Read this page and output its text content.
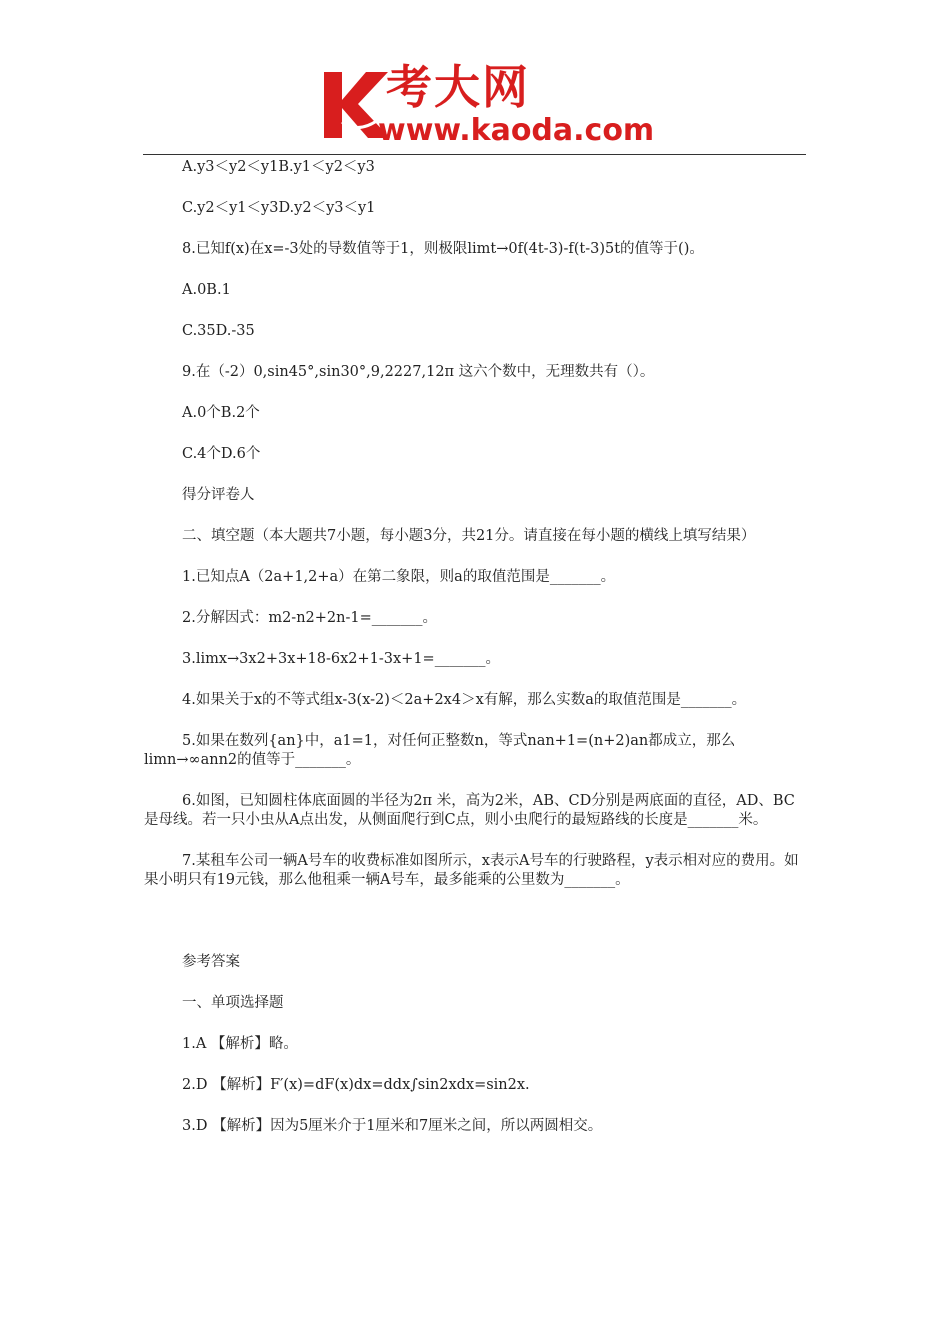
考大网
www.kaoda.com

A.y3＜y2＜y1B.y1＜y2＜y3

C.y2＜y1＜y3D.y2＜y3＜y1

8.已知f(x)在x=-3处的导数值等于1，则极限limt→0f(4t-3)-f(t-3)5t的值等于()。

A.0B.1

C.35D.-35

9.在（-2）0,sin45°,sin30°,9,2227,12π 这六个数中，无理数共有（）。

A.0个B.2个

C.4个D.6个

得分评卷人

二、填空题（本大题共7小题，每小题3分，共21分。请直接在每小题的横线上填写结果）

1.已知点A（2a+1,2+a）在第二象限，则a的取值范围是_______。

2.分解因式：m2-n2+2n-1=_______。

3.limx→3x2+3x+18-6x2+1-3x+1=_______。

4.如果关于x的不等式组x-3(x-2)＜2a+2x4＞x有解，那么实数a的取值范围是_______。

5.如果在数列{an}中，a1=1，对任何正整数n，等式nan+1=(n+2)an都成立，那么limn→∞ann2的值等于_______。

6.如图，已知圆柱体底面圆的半径为2π 米，高为2米，AB、CD分别是两底面的直径，AD、BC是母线。若一只小虫从A点出发，从侧面爬行到C点，则小虫爬行的最短路线的长度是_______米。

7.某租车公司一辆A号车的收费标准如图所示，x表示A号车的行驶路程，y表示相对应的费用。如果小明只有19元钱，那么他租乘一辆A号车，最多能乘的公里数为_______。

参考答案

一、单项选择题

1.A 【解析】略。

2.D 【解析】F′(x)=dF(x)dx=ddx∫sin2xdx=sin2x.

3.D 【解析】因为5厘米介于1厘米和7厘米之间，所以两圆相交。
